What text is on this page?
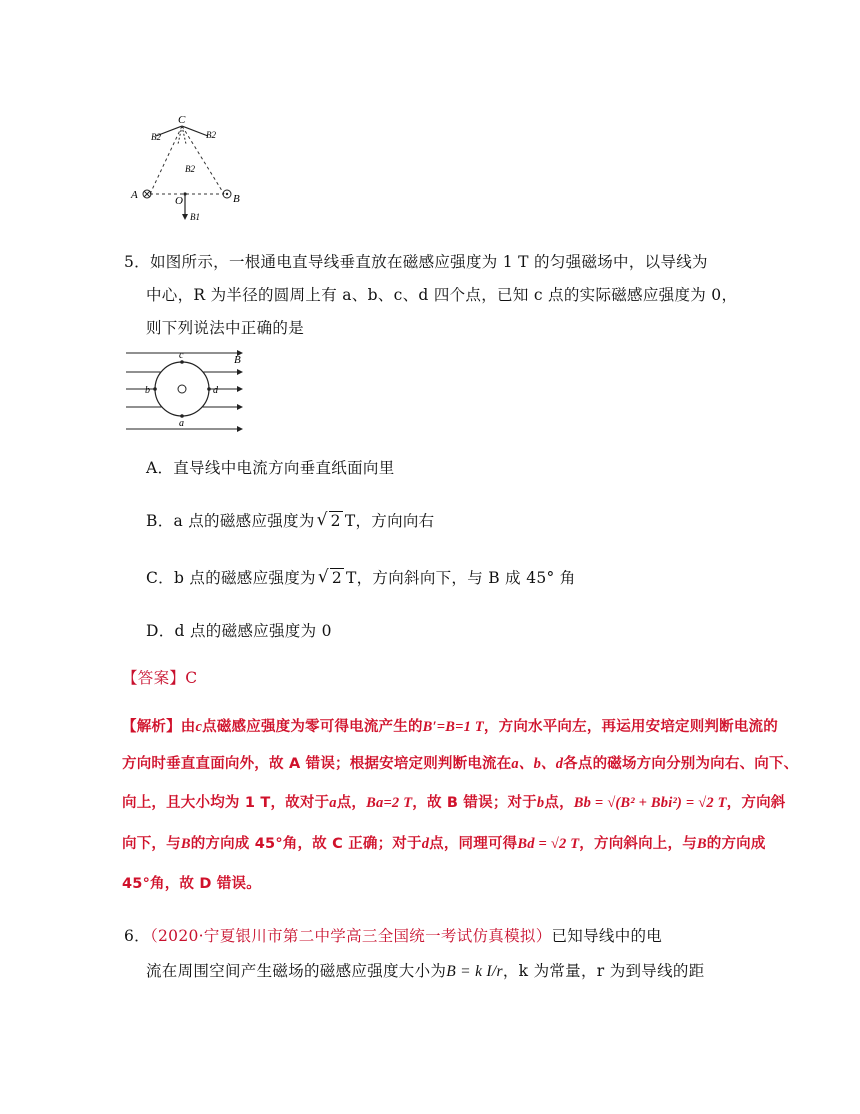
C
B2	B2
B2
A	O	B
B1
5．如图所示，一根通电直导线垂直放在磁感应强度为 1 T 的匀强磁场中，以导线为
中心，R 为半径的圆周上有 a、b、c、d 四个点，已知 c 点的实际磁感应强度为 0，
则下列说法中正确的是
B
c
b	d
a
A．直导线中电流方向垂直纸面向里
B．a 点的磁感应强度为 √ 2 T，方向向右
C．b 点的磁感应强度为 √ 2 T，方向斜向下，与 B 成 45° 角
D．d 点的磁感应强度为 0
【答案】C
【解析】由c点磁感应强度为零可得电流产生的B′=B=1 T，方向水平向左，再运用安培定则判断电流的
方向时垂直直面向外，故 A 错误；根据安培定则判断电流在a、b、d各点的磁场方向分别为向右、向下、
向上，且大小均为 1 T，故对于a点，Ba=2 T，故 B 错误；对于b点，Bb = √(B² + Bbi²) = √2 T，方向斜
向下，与B的方向成 45°角，故 C 正确；对于d点，同理可得Bd = √2 T，方向斜向上，与B的方向成
45°角，故 D 错误。
6．（2020·宁夏银川市第二中学高三全国统一考试仿真模拟）已知导线中的电
流在周围空间产生磁场的磁感应强度大小为B = k I/r，k 为常量，r 为到导线的距
